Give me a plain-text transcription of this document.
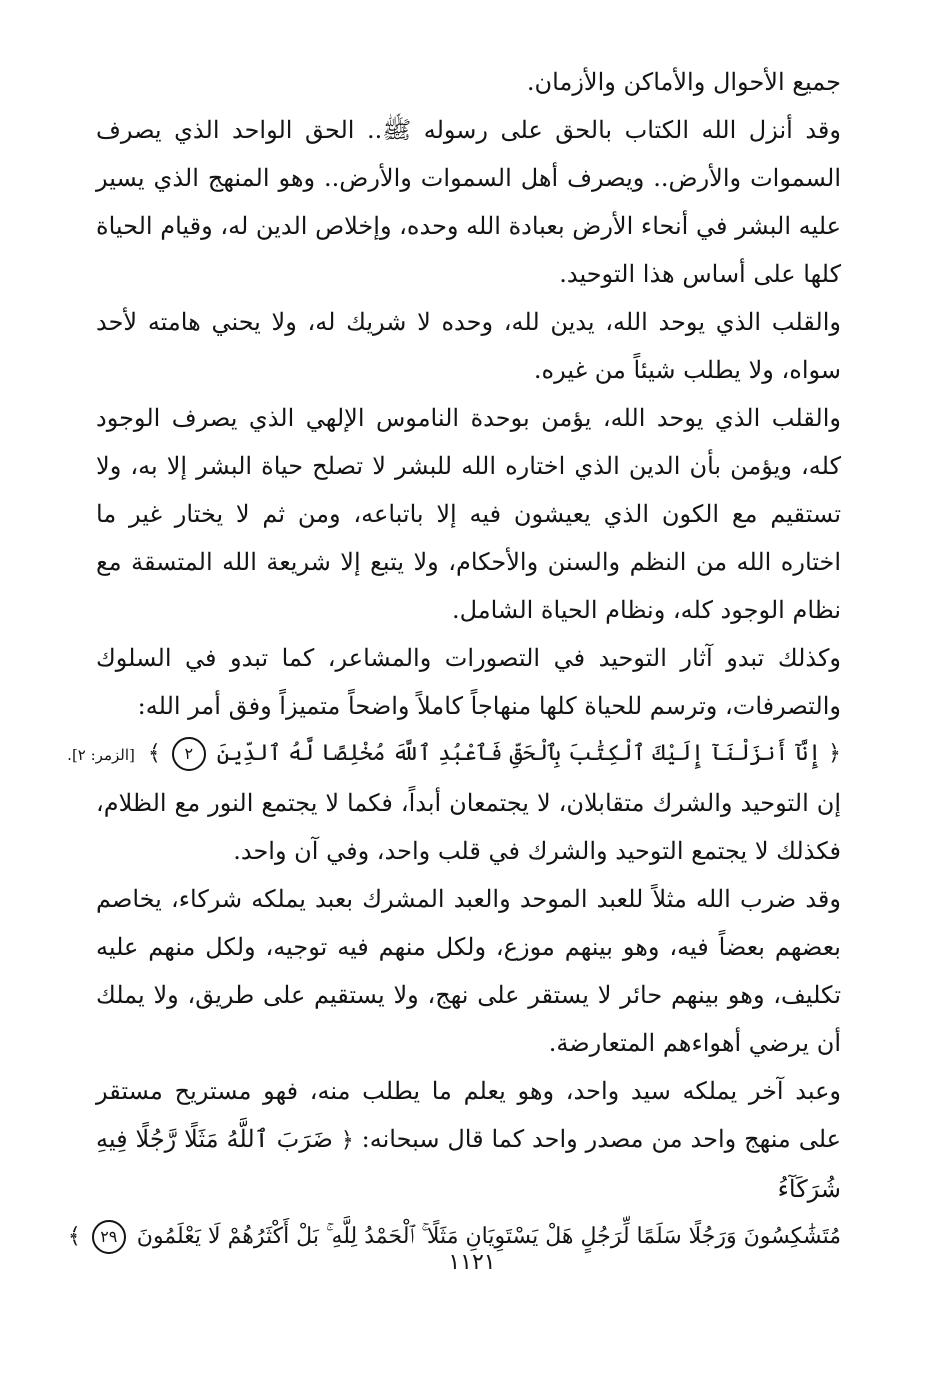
جميع الأحوال والأماكن والأزمان.

وقد أنزل الله الكتاب بالحق على رسوله ﷺ.. الحق الواحد الذي يصرف السموات والأرض.. ويصرف أهل السموات والأرض.. وهو المنهج الذي يسير عليه البشر في أنحاء الأرض بعبادة الله وحده، وإخلاص الدين له، وقيام الحياة كلها على أساس هذا التوحيد.

والقلب الذي يوحد الله، يدين لله، وحده لا شريك له، ولا يحني هامته لأحد سواه، ولا يطلب شيئاً من غيره.

والقلب الذي يوحد الله، يؤمن بوحدة الناموس الإلهي الذي يصرف الوجود كله، ويؤمن بأن الدين الذي اختاره الله للبشر لا تصلح حياة البشر إلا به، ولا تستقيم مع الكون الذي يعيشون فيه إلا باتباعه، ومن ثم لا يختار غير ما اختاره الله من النظم والسنن والأحكام، ولا يتبع إلا شريعة الله المتسقة مع نظام الوجود كله، ونظام الحياة الشامل.

وكذلك تبدو آثار التوحيد في التصورات والمشاعر، كما تبدو في السلوك والتصرفات، وترسم للحياة كلها منهاجاً كاملاً واضحاً متميزاً وفق أمر الله:

﴿ إِنَّآ أَنزَلْنَآ إِلَيْكَ ٱلْكِتَٰبَ بِٱلْحَقِّ فَٱعْبُدِ ٱللَّهَ مُخْلِصًا لَّهُ ٱلدِّينَ ٢ ﴾ [الزمر: ٢].

إن التوحيد والشرك متقابلان، لا يجتمعان أبداً، فكما لا يجتمع النور مع الظلام، فكذلك لا يجتمع التوحيد والشرك في قلب واحد، وفي آن واحد.

وقد ضرب الله مثلاً للعبد الموحد والعبد المشرك بعبد يملكه شركاء، يخاصم بعضهم بعضاً فيه، وهو بينهم موزع، ولكل منهم فيه توجيه، ولكل منهم عليه تكليف، وهو بينهم حائر لا يستقر على نهج، ولا يستقيم على طريق، ولا يملك أن يرضي أهواءهم المتعارضة.

وعبد آخر يملكه سيد واحد، وهو يعلم ما يطلب منه، فهو مستريح مستقر على منهج واحد من مصدر واحد كما قال سبحانه: ﴿ ضَرَبَ ٱللَّهُ مَثَلًا رَّجُلًا فِيهِ شُرَكَآءُ

مُتَشَٰكِسُونَ وَرَجُلًا سَلَمًا لِّرَجُلٍ هَلْ يَسْتَوِيَانِ مَثَلًا ۚ ٱلْحَمْدُ لِلَّهِ ۚ بَلْ أَكْثَرُهُمْ لَا يَعْلَمُونَ ٢٩ ﴾

١١٢١
